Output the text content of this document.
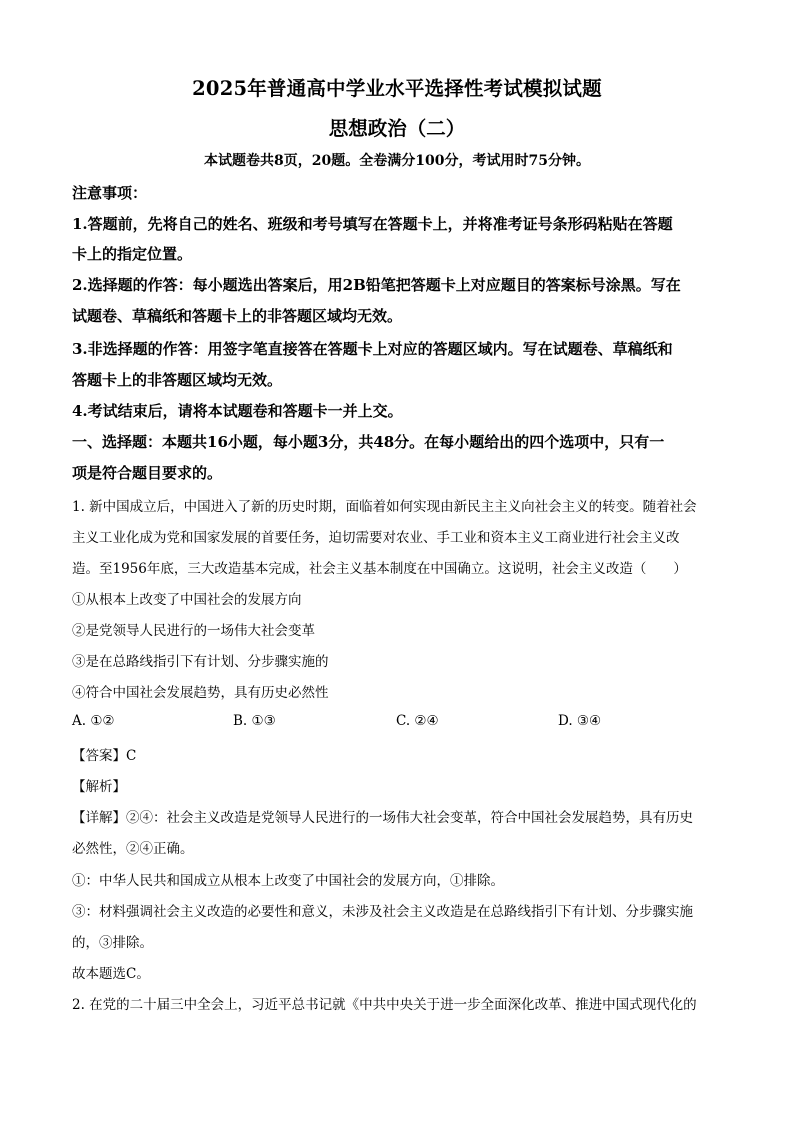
2025年普通高中学业水平选择性考试模拟试题
思想政治（二）
本试题卷共8页，20题。全卷满分100分，考试用时75分钟。
注意事项：
1.答题前，先将自己的姓名、班级和考号填写在答题卡上，并将准考证号条形码粘贴在答题
卡上的指定位置。
2.选择题的作答：每小题选出答案后，用2B铅笔把答题卡上对应题目的答案标号涂黑。写在
试题卷、草稿纸和答题卡上的非答题区域均无效。
3.非选择题的作答：用签字笔直接答在答题卡上对应的答题区域内。写在试题卷、草稿纸和
答题卡上的非答题区域均无效。
4.考试结束后，请将本试题卷和答题卡一并上交。
一、选择题：本题共16小题，每小题3分，共48分。在每小题给出的四个选项中，只有一
项是符合题目要求的。
1. 新中国成立后，中国进入了新的历史时期，面临着如何实现由新民主主义向社会主义的转变。随着社会
主义工业化成为党和国家发展的首要任务，迫切需要对农业、手工业和资本主义工商业进行社会主义改
造。至1956年底，三大改造基本完成，社会主义基本制度在中国确立。这说明，社会主义改造（　　）
①从根本上改变了中国社会的发展方向
②是党领导人民进行的一场伟大社会变革
③是在总路线指引下有计划、分步骤实施的
④符合中国社会发展趋势，具有历史必然性
A. ①②	B. ①③	C. ②④	D. ③④
【答案】C
【解析】
【详解】②④：社会主义改造是党领导人民进行的一场伟大社会变革，符合中国社会发展趋势，具有历史
必然性，②④正确。
①：中华人民共和国成立从根本上改变了中国社会的发展方向，①排除。
③：材料强调社会主义改造的必要性和意义，未涉及社会主义改造是在总路线指引下有计划、分步骤实施
的，③排除。
故本题选C。
2. 在党的二十届三中全会上，习近平总书记就《中共中央关于进一步全面深化改革、推进中国式现代化的
